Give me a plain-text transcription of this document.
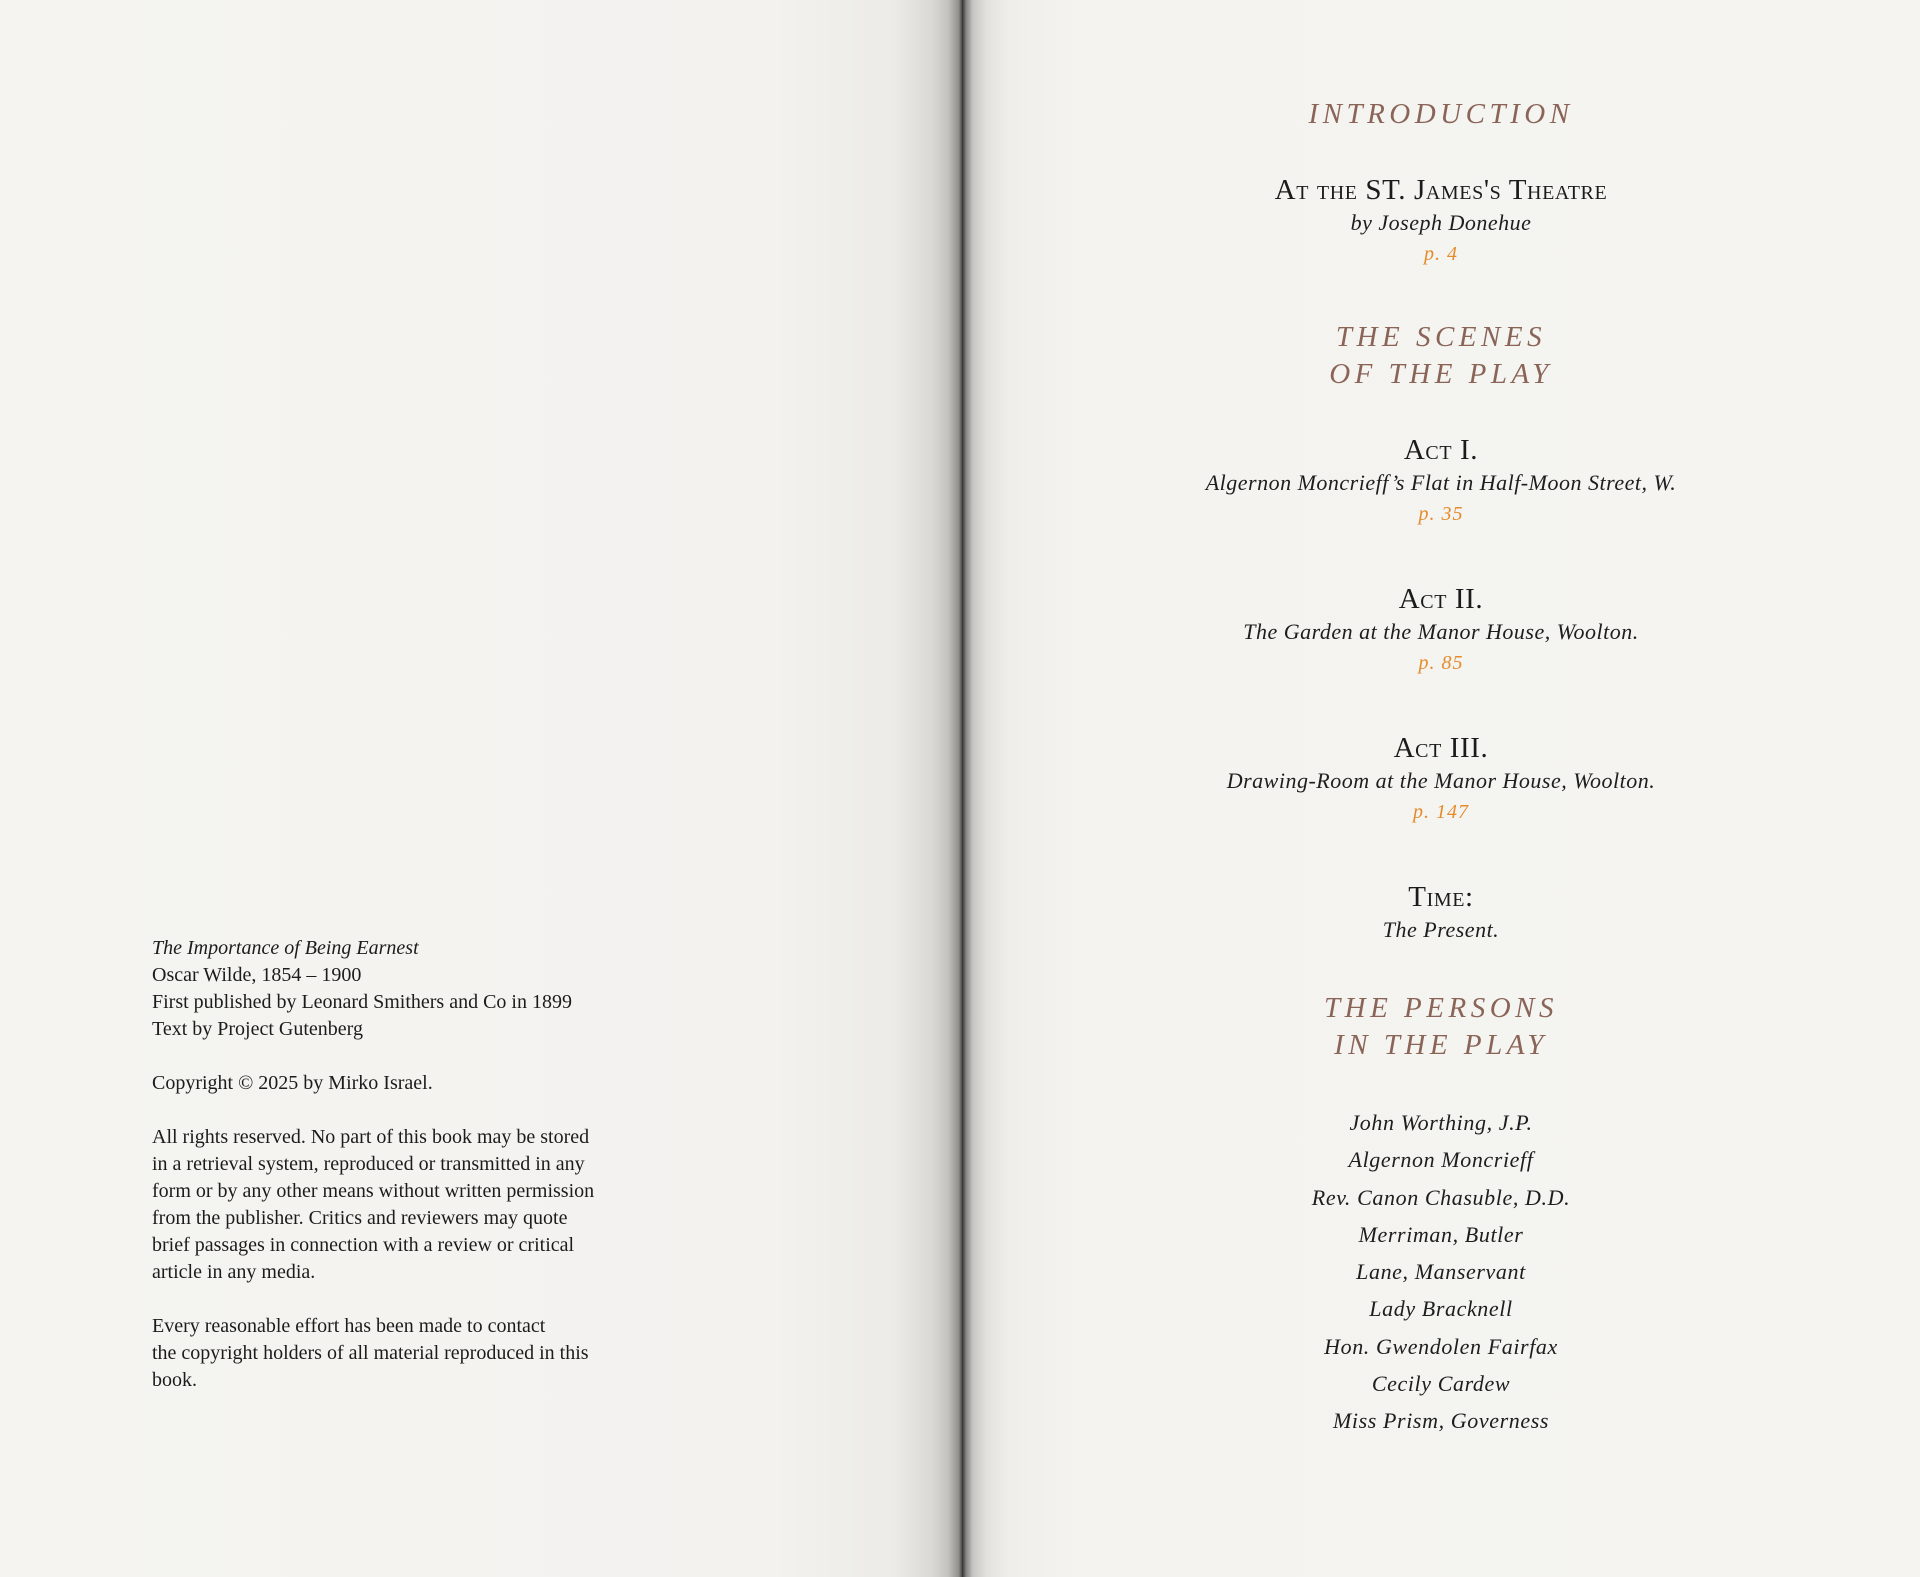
The Importance of Being Earnest
Oscar Wilde, 1854 – 1900
First published by Leonard Smithers and Co in 1899
Text by Project Gutenberg
Copyright © 2025 by Mirko Israel.
All rights reserved. No part of this book may be stored
in a retrieval system, reproduced or transmitted in any
form or by any other means without written permission
from the publisher. Critics and reviewers may quote
brief passages in connection with a review or critical
article in any media.
Every reasonable effort has been made to contact
the copyright holders of all material reproduced in this
book.
INTRODUCTION
At the ST. James's Theatre
by Joseph Donehue
p. 4
THE SCENES
OF THE PLAY
Act I.
Algernon Moncrieff’s Flat in Half-Moon Street, W.
p. 35
Act II.
The Garden at the Manor House, Woolton.
p. 85
Act III.
Drawing-Room at the Manor House, Woolton.
p. 147
Time:
The Present.
THE PERSONS
IN THE PLAY
John Worthing, J.P.
Algernon Moncrieff
Rev. Canon Chasuble, D.D.
Merriman, Butler
Lane, Manservant
Lady Bracknell
Hon. Gwendolen Fairfax
Cecily Cardew
Miss Prism, Governess
